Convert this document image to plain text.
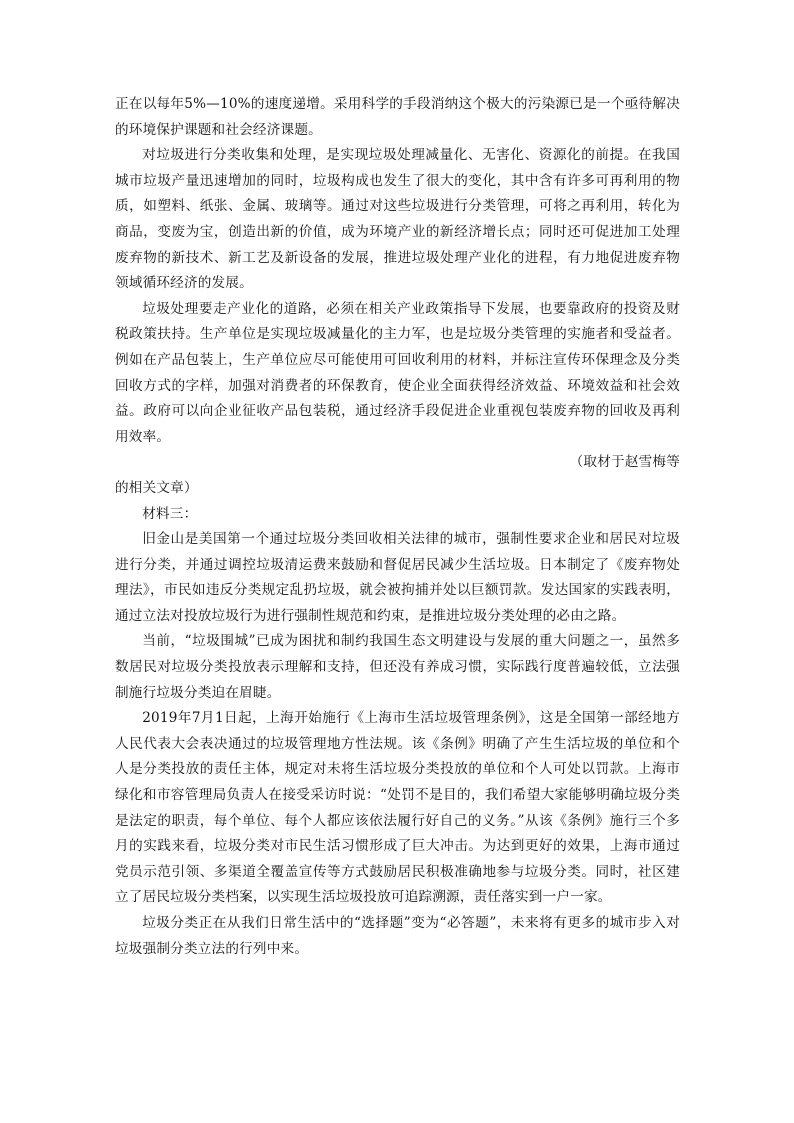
正在以每年5%—10%的速度递增。采用科学的手段消纳这个极大的污染源已是一个亟待解决的环境保护课题和社会经济课题。

对垃圾进行分类收集和处理，是实现垃圾处理减量化、无害化、资源化的前提。在我国城市垃圾产量迅速增加的同时，垃圾构成也发生了很大的变化，其中含有许多可再利用的物质，如塑料、纸张、金属、玻璃等。通过对这些垃圾进行分类管理，可将之再利用，转化为商品，变废为宝，创造出新的价值，成为环境产业的新经济增长点；同时还可促进加工处理废弃物的新技术、新工艺及新设备的发展，推进垃圾处理产业化的进程，有力地促进废弃物领域循环经济的发展。

垃圾处理要走产业化的道路，必须在相关产业政策指导下发展，也要靠政府的投资及财税政策扶持。生产单位是实现垃圾减量化的主力军，也是垃圾分类管理的实施者和受益者。例如在产品包装上，生产单位应尽可能使用可回收利用的材料，并标注宣传环保理念及分类回收方式的字样，加强对消费者的环保教育，使企业全面获得经济效益、环境效益和社会效益。政府可以向企业征收产品包装税，通过经济手段促进企业重视包装废弃物的回收及再利用效率。

（取材于赵雪梅等

的相关文章）

材料三：

旧金山是美国第一个通过垃圾分类回收相关法律的城市，强制性要求企业和居民对垃圾进行分类，并通过调控垃圾清运费来鼓励和督促居民减少生活垃圾。日本制定了《废弃物处理法》，市民如违反分类规定乱扔垃圾，就会被拘捕并处以巨额罚款。发达国家的实践表明，通过立法对投放垃圾行为进行强制性规范和约束，是推进垃圾分类处理的必由之路。

当前，“垃圾围城”已成为困扰和制约我国生态文明建设与发展的重大问题之一，虽然多数居民对垃圾分类投放表示理解和支持，但还没有养成习惯，实际践行度普遍较低，立法强制施行垃圾分类迫在眉睫。

2019年7月1日起，上海开始施行《上海市生活垃圾管理条例》，这是全国第一部经地方人民代表大会表决通过的垃圾管理地方性法规。该《条例》明确了产生生活垃圾的单位和个人是分类投放的责任主体，规定对未将生活垃圾分类投放的单位和个人可处以罚款。上海市绿化和市容管理局负责人在接受采访时说：“处罚不是目的，我们希望大家能够明确垃圾分类是法定的职责，每个单位、每个人都应该依法履行好自己的义务。”从该《条例》施行三个多月的实践来看，垃圾分类对市民生活习惯形成了巨大冲击。为达到更好的效果，上海市通过党员示范引领、多渠道全覆盖宣传等方式鼓励居民积极准确地参与垃圾分类。同时，社区建立了居民垃圾分类档案，以实现生活垃圾投放可追踪溯源，责任落实到一户一家。

垃圾分类正在从我们日常生活中的“选择题”变为“必答题”，未来将有更多的城市步入对垃圾强制分类立法的行列中来。
